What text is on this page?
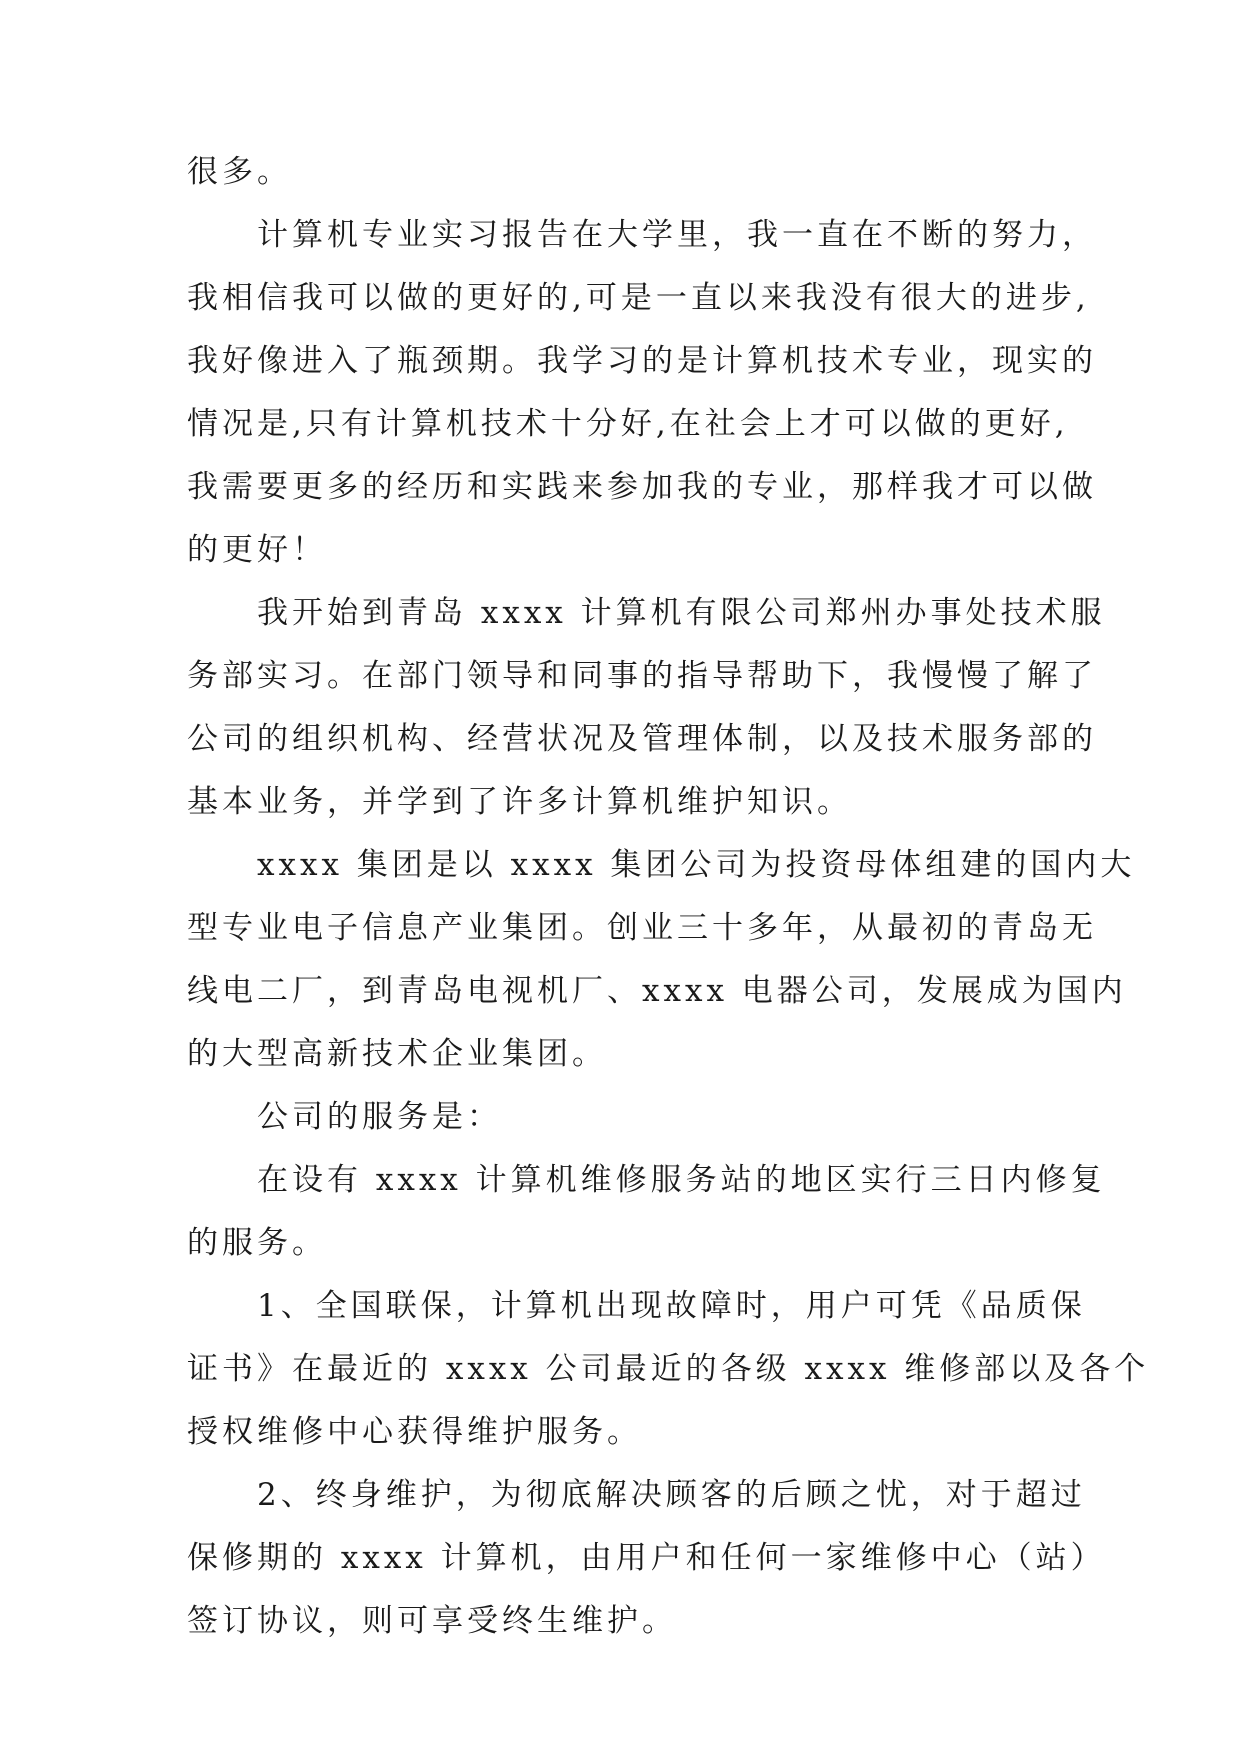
很多。
计算机专业实习报告在大学里，我一直在不断的努力，
我相信我可以做的更好的,可是一直以来我没有很大的进步,
我好像进入了瓶颈期。我学习的是计算机技术专业，现实的
情况是,只有计算机技术十分好,在社会上才可以做的更好,
我需要更多的经历和实践来参加我的专业，那样我才可以做
的更好！
我开始到青岛 xxxx 计算机有限公司郑州办事处技术服
务部实习。在部门领导和同事的指导帮助下，我慢慢了解了
公司的组织机构、经营状况及管理体制，以及技术服务部的
基本业务，并学到了许多计算机维护知识。
xxxx 集团是以 xxxx 集团公司为投资母体组建的国内大
型专业电子信息产业集团。创业三十多年，从最初的青岛无
线电二厂，到青岛电视机厂、xxxx 电器公司，发展成为国内
的大型高新技术企业集团。
公司的服务是：
在设有 xxxx 计算机维修服务站的地区实行三日内修复
的服务。
1、全国联保，计算机出现故障时，用户可凭《品质保
证书》在最近的 xxxx 公司最近的各级 xxxx 维修部以及各个
授权维修中心获得维护服务。
2、终身维护，为彻底解决顾客的后顾之忧，对于超过
保修期的 xxxx 计算机，由用户和任何一家维修中心（站）
签订协议，则可享受终生维护。
